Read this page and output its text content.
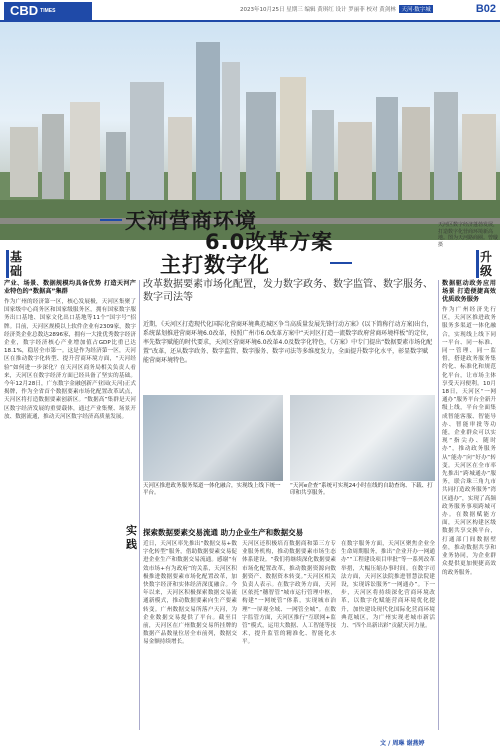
CBD $^{TIMES}$	2023年10月25日 星期三 编辑 黄琪红 设计 罗丽菲 校对 黄剑林 天河·数字城	B02
天河区数字经济蓬勃发展，打造数字化营商环境新高地。图为天河路商圈。曾璇摄
天河营商环境
6.0改革方案
主打数字化
基础
升级
改革数据要素市场化配置，发力数字政务、数字监管、数字服务、数字司法等
近期，《天河区打造现代化国际化营商环境典范城区争当高质量发展先锋行动方案》(以下简称行动方案)出台，系统谋划推进营商环境6.0改革，按照广州市6.0改革方案中“天河区打造一流数字政府营商环境样板”的定位，率先数字赋能的时代要求，天河区营商环境6.0改革4.0及数字化特色，《方案》中专门提出“数据要素市场化配置”改革，还从数字政务、数字监管、数字服务、数字司法等多维度发力，全面提升数字化水平，彰显数字赋能营商环境特色。
产业、场景、数据规模均具备优势 打造天河产业特色的“数据高”集群
作为广州的经济第一区，核心发展极，天河区集聚了国家级中心商务区和国家级服务区，拥有国家数字服务出口基地、国家文化出口基地等11个“国字号”招牌。目前，天河区规模以上软件企业有2309家，数字经济类企业总数达2896家，拥有一大批优秀数字经济企业，数字经济核心产业增加值占GDP比重已达18.1%，稳居全市第一。这是作为经济第一区，天河区在推动数字化转型、提升营商环境方面，“天河经验”如何进一步深化？在天河区商务局相关负责人看来，天河区在数字经济方面已经具备了坚实的基础。今年12月28日，广东数字金融创新产业园(天河)正式揭牌，作为全省首个数据要素市场化配置改革试点，天河区将打造数据要素创新区。“数据高”集群是天河区数字经济发展的重要载体，通过产业集聚、场景开放、数据流通，推动天河区数字经济高质量发展。
数据驱动政务应用场景 打造便捷高效优质政务服务
作为广州经济先行区，天河区推进政务服务多渠道一体化融合，实现线上线下同一平台、同一标准、同一管理、同一监督，搭建政务服务集约化、标准化和规范化平台，让市场主体享受天河便利。10月18日，天河区“一网通办”服务平台全新升级上线，平台全面集成智能客服、智能导办、智能审批等功能，企业群众可以实现“指尖办、随时办”，推动政务服务从“能办”向“好办”转变。天河区在全市率先推出“跨城通办”服务，联合珠三角九市共同打造政务服务“湾区通办”，实现了高频政务服务事项跨城可办。在数据赋能方面，天河区构建区级数据共享交换平台，打通部门间数据壁垒，推动数据共享和业务协同，为企业群众提供更加便捷高效的政务服务。
天河区推进政务服务渠道一体化融合，实现线上线下统一平台。
“天河e企查”系统可实现24小时在线的自助查询、下载、打印和共享服务。
实践
探索数据要素交易流通 助力企业生产和数据交易
近日，天河区率先推出“数据交易+数字化转型”服务，借助数据要素交易促进企业生产和数据交易流通。感谢“有效市场+有为政府”的关系，天河区积极推进数据要素市场化配置改革，加快数字经济和实体经济深度融合。今年以来，天河区积极探索数据交易流通新模式，推动数据要素向生产要素转变。广州数据交易所落户天河，为企业数据交易提供了平台。截至目前，天河区在广州数据交易所挂牌的数据产品数量位居全市前列，数据交易金额持续增长。
天河区还积极培育数据商和第三方专业服务机构，推动数据要素市场生态体系建设。“我们将继续深化数据要素市场化配置改革，推动数据资源向数据资产、数据资本转变。”天河区相关负责人表示。在数字政务方面，天河区依托“穗智管”城市运行管理中枢，构建“一网统管”体系，实现城市治理“一屏观全域、一网管全城”。在数字监管方面，天河区推行“互联网+监管”模式，运用大数据、人工智能等技术，提升监管的精准化、智能化水平。
在数字服务方面，天河区聚焦企业全生命周期服务，推出“企业开办一网通办”“工程建设项目审批”等一系列改革举措，大幅压缩办事时间。在数字司法方面，天河区法院推进智慧法院建设，实现诉讼服务“一网通办”。下一步，天河区将持续深化营商环境改革，以数字化赋能营商环境优化提升，加快建设现代化国际化营商环境典范城区，为广州实现老城市新活力、“四个出新出彩”贡献天河力量。
文 / 周琳 谢燕婷
